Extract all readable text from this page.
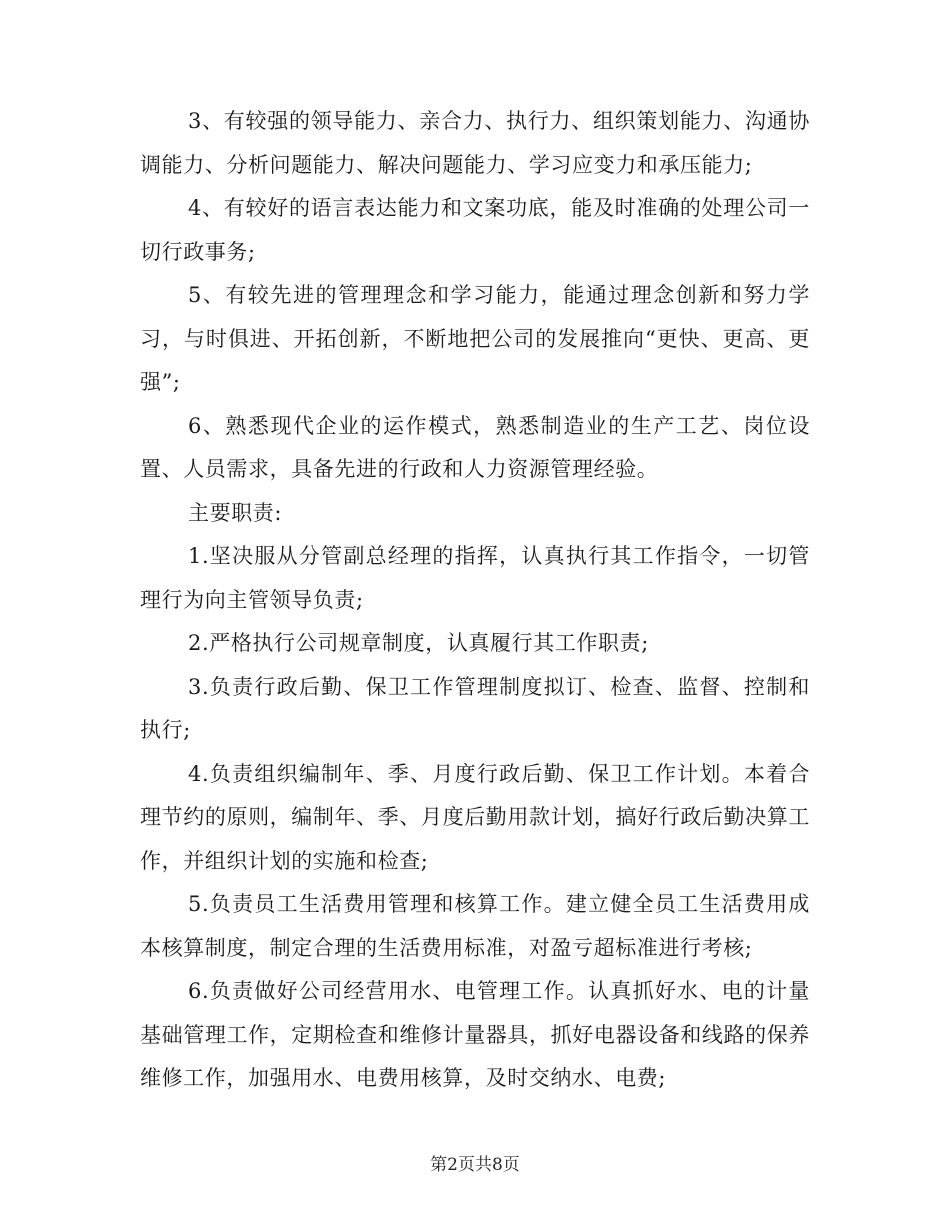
3、有较强的领导能力、亲合力、执行力、组织策划能力、沟通协调能力、分析问题能力、解决问题能力、学习应变力和承压能力;

4、有较好的语言表达能力和文案功底，能及时准确的处理公司一切行政事务;

5、有较先进的管理理念和学习能力，能通过理念创新和努力学习，与时俱进、开拓创新，不断地把公司的发展推向“更快、更高、更强”;

6、熟悉现代企业的运作模式，熟悉制造业的生产工艺、岗位设置、人员需求，具备先进的行政和人力资源管理经验。

主要职责:

1.坚决服从分管副总经理的指挥，认真执行其工作指令，一切管理行为向主管领导负责;

2.严格执行公司规章制度，认真履行其工作职责;

3.负责行政后勤、保卫工作管理制度拟订、检查、监督、控制和执行;

4.负责组织编制年、季、月度行政后勤、保卫工作计划。本着合理节约的原则，编制年、季、月度后勤用款计划，搞好行政后勤决算工作，并组织计划的实施和检查;

5.负责员工生活费用管理和核算工作。建立健全员工生活费用成本核算制度，制定合理的生活费用标准，对盈亏超标准进行考核;

6.负责做好公司经营用水、电管理工作。认真抓好水、电的计量基础管理工作，定期检查和维修计量器具，抓好电器设备和线路的保养维修工作，加强用水、电费用核算，及时交纳水、电费;

第2页共8页
